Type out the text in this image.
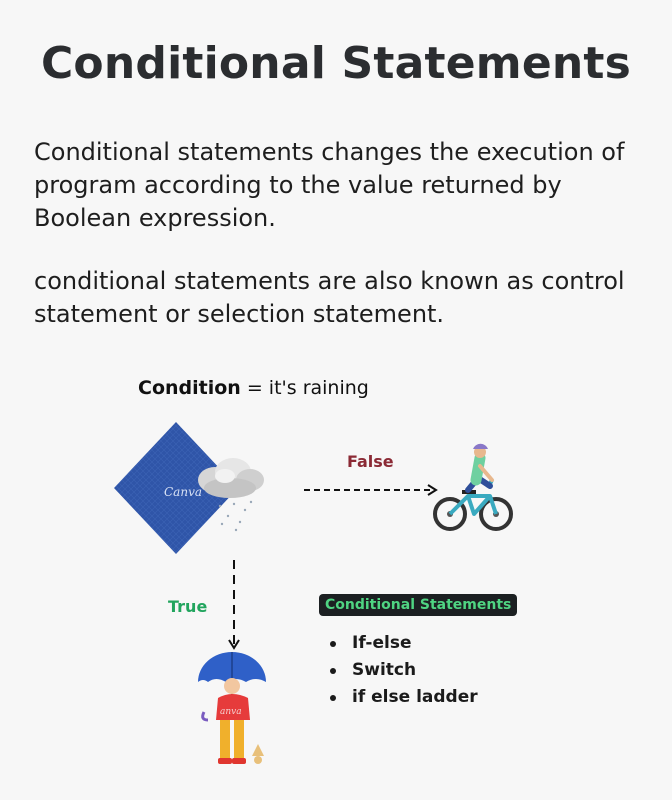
Conditional Statements
Conditional statements changes the execution of program according to the value returned by Boolean expression.
conditional statements are also known as control statement or selection statement.
Condition = it's raining
Canva
False
True
anva
Conditional Statements
If-else
Switch
if else ladder
